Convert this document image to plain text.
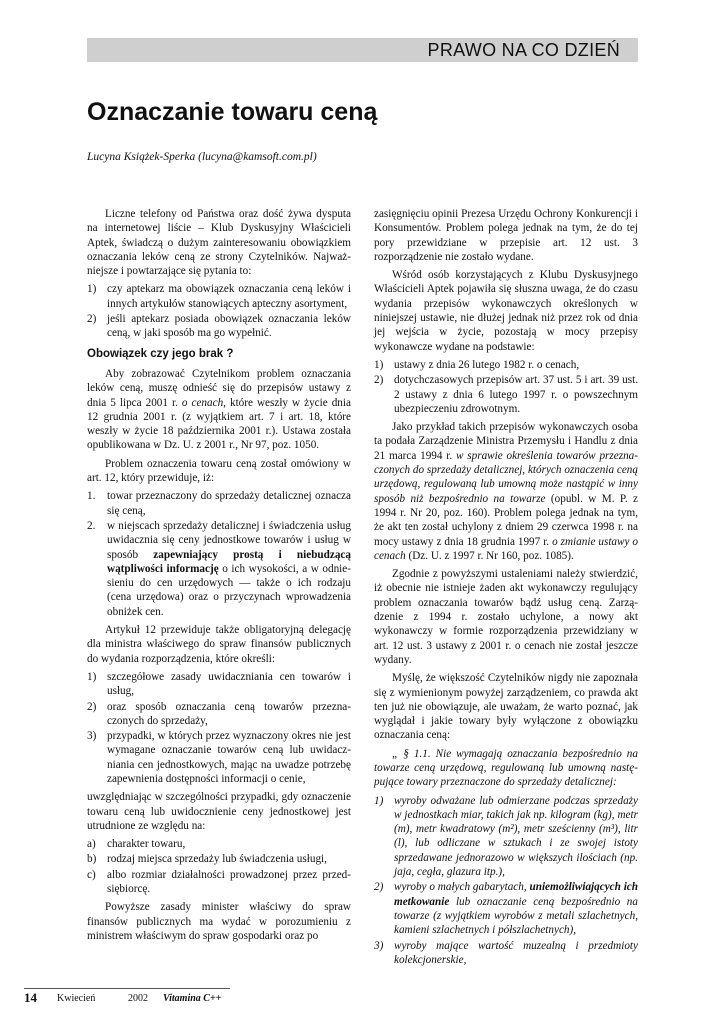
PRAWO NA CO DZIEŃ
Oznaczanie towaru ceną
Lucyna Książek-Sperka (lucyna@kamsoft.com.pl)

Liczne telefony od Państwa oraz dość żywa dysputa na internetowej liście – Klub Dyskusyjny Właścicieli Aptek, świadczą o dużym zainteresowaniu obowiązkiem oznaczania leków ceną ze strony Czytelników. Najważniejsze i powtarzające się pytania to:

1) czy aptekarz ma obowiązek oznaczania ceną leków i innych artykułów stanowiących apteczny asortyment,
2) jeśli aptekarz posiada obowiązek oznaczania leków ceną, w jaki sposób ma go wypełnić.
Obowiązek czy jego brak ?

Aby zobrazować Czytelnikom problem oznaczania leków ceną, muszę odnieść się do przepisów ustawy z dnia 5 lipca 2001 r. o cenach, które weszły w życie dnia 12 grudnia 2001 r. (z wyjątkiem art. 7 i art. 18, które weszły w życie 18 października 2001 r.). Ustawa została opublikowana w Dz. U. z 2001 r., Nr 97, poz. 1050.

Problem oznaczenia towaru ceną został omówiony w art. 12, który przewiduje, iż:

1. towar przeznaczony do sprzedaży detalicznej oznacza się ceną,
2. w niejscach sprzedaży detalicznej i świadczenia usług uwidacznia się ceny jednostkowe towarów i usług w sposób zapewniający prostą i niebudzącą wątpliwości informację o ich wysokości, a w odniesieniu do cen urzędowych — także o ich rodzaju (cena urzędowa) oraz o przyczynach wprowadzenia obniżek cen.

Artykuł 12 przewiduje także obligatoryjną delegację dla ministra właściwego do spraw finansów publicznych do wydania rozporządzenia, które określi:

1) szczegółowe zasady uwidaczniania cen towarów i usług,
2) oraz sposób oznaczania ceną towarów przeznaczonych do sprzedaży,
3) przypadki, w których przez wyznaczony okres nie jest wymagane oznaczanie towarów ceną lub uwidaczniania cen jednostkowych, mając na uwadze potrzebę zapewnienia dostępności informacji o cenie,

uwzględniając w szczególności przypadki, gdy oznaczenie towaru ceną lub uwidocznienie ceny jednostkowej jest utrudnione ze względu na:

a) charakter towaru,
b) rodzaj miejsca sprzedaży lub świadczenia usługi,
c) albo rozmiar działalności prowadzonej przez przedsiębiorcę.

Powyższe zasady minister właściwy do spraw finansów publicznych ma wydać w porozumieniu z ministrem właściwym do spraw gospodarki oraz po

zasięgnięciu opinii Prezesa Urzędu Ochrony Konkurencji i Konsumentów. Problem polega jednak na tym, że do tej pory przewidziane w przepisie art. 12 ust. 3 rozporządzenie nie zostało wydane.

Wśród osób korzystających z Klubu Dyskusyjnego Właścicieli Aptek pojawiła się słuszna uwaga, że do czasu wydania przepisów wykonawczych określonych w niniejszej ustawie, nie dłużej jednak niż przez rok od dnia jej wejścia w życie, pozostają w mocy przepisy wykonawcze wydane na podstawie:

1) ustawy z dnia 26 lutego 1982 r. o cenach,
2) dotychczasowych przepisów art. 37 ust. 5 i art. 39 ust. 2 ustawy z dnia 6 lutego 1997 r. o powszechnym ubezpieczeniu zdrowotnym.

Jako przykład takich przepisów wykonawczych osoba ta podała Zarządzenie Ministra Przemysłu i Handlu z dnia 21 marca 1994 r. w sprawie określenia towarów przeznaczonych do sprzedaży detalicznej, których oznaczenia ceną urzędową, regulowaną lub umowną może nastąpić w inny sposób niż bezpośrednio na towarze (opubl. w M. P. z 1994 r. Nr 20, poz. 160). Problem polega jednak na tym, że akt ten został uchylony z dniem 29 czerwca 1998 r. na mocy ustawy z dnia 18 grudnia 1997 r. o zmianie ustawy o cenach (Dz. U. z 1997 r. Nr 160, poz. 1085).

Zgodnie z powyższymi ustaleniami należy stwierdzić, iż obecnie nie istnieje żaden akt wykonawczy regulujący problem oznaczania towarów bądź usług ceną. Zarządzenie z 1994 r. zostało uchylone, a nowy akt wykonawczy w formie rozporządzenia przewidziany w art. 12 ust. 3 ustawy z 2001 r. o cenach nie został jeszcze wydany.

Myślę, że większość Czytelników nigdy nie zapoznała się z wymienionym powyżej zarządzeniem, co prawda akt ten już nie obowiązuje, ale uważam, że warto poznać, jak wyglądał i jakie towary były wyłączone z obowiązku oznaczania ceną:

„ § 1.1. Nie wymagają oznaczania bezpośrednio na towarze ceną urzędową, regulowaną lub umowną następujące towary przeznaczone do sprzedaży detalicznej:

1) wyroby odważane lub odmierzane podczas sprzedaży w jednostkach miar, takich jak np. kilogram (kg), metr (m), metr kwadratowy (m²), metr sześcienny (m³), litr (l), lub odliczane w sztukach i ze swojej istoty sprzedawane jednorazowo w większych ilościach (np. jaja, cegła, glazura itp.),
2) wyroby o małych gabarytach, uniemożliwiających ich metkowanie lub oznaczanie ceną bezpośrednio na towarze (z wyjątkiem wyrobów z metali szlachetnych, kamieni szlachetnych i półszlachetnych),
3) wyroby mające wartość muzealną i przedmioty kolekcjonerskie,
14 Kwiecień	2002 Vitamina C++
